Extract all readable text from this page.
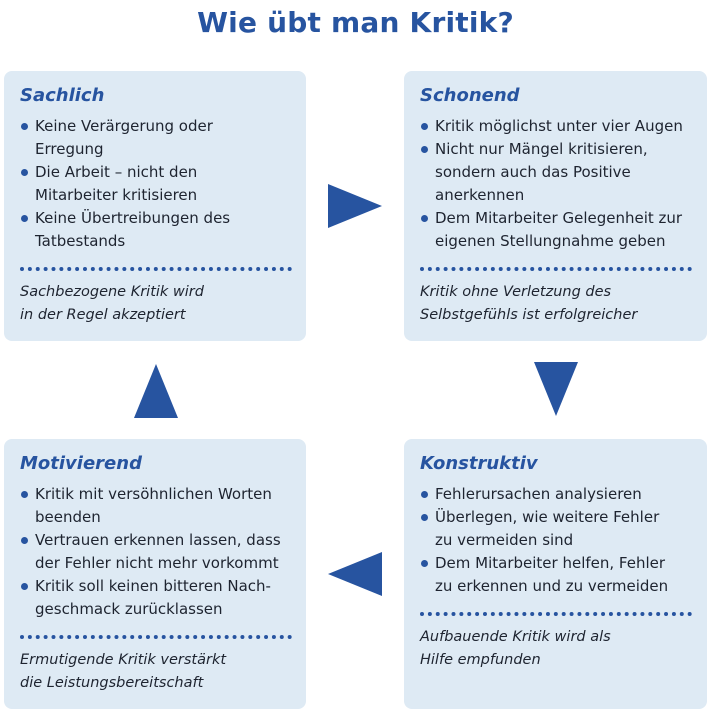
Wie übt man Kritik?
Sachlich
Keine Verärgerung oder
Erregung
Die Arbeit – nicht den
Mitarbeiter kritisieren
Keine Übertreibungen des
Tatbestands
Sachbezogene Kritik wird
in der Regel akzeptiert
Schonend
Kritik möglichst unter vier Augen
Nicht nur Mängel kritisieren,
sondern auch das Positive
anerkennen
Dem Mitarbeiter Gelegenheit zur
eigenen Stellungnahme geben
Kritik ohne Verletzung des
Selbstgefühls ist erfolgreicher
Motivierend
Kritik mit versöhnlichen Worten
beenden
Vertrauen erkennen lassen, dass
der Fehler nicht mehr vorkommt
Kritik soll keinen bitteren Nach-
geschmack zurücklassen
Ermutigende Kritik verstärkt
die Leistungsbereitschaft
Konstruktiv
Fehlerursachen analysieren
Überlegen, wie weitere Fehler
zu vermeiden sind
Dem Mitarbeiter helfen, Fehler
zu erkennen und zu vermeiden
Aufbauende Kritik wird als
Hilfe empfunden
